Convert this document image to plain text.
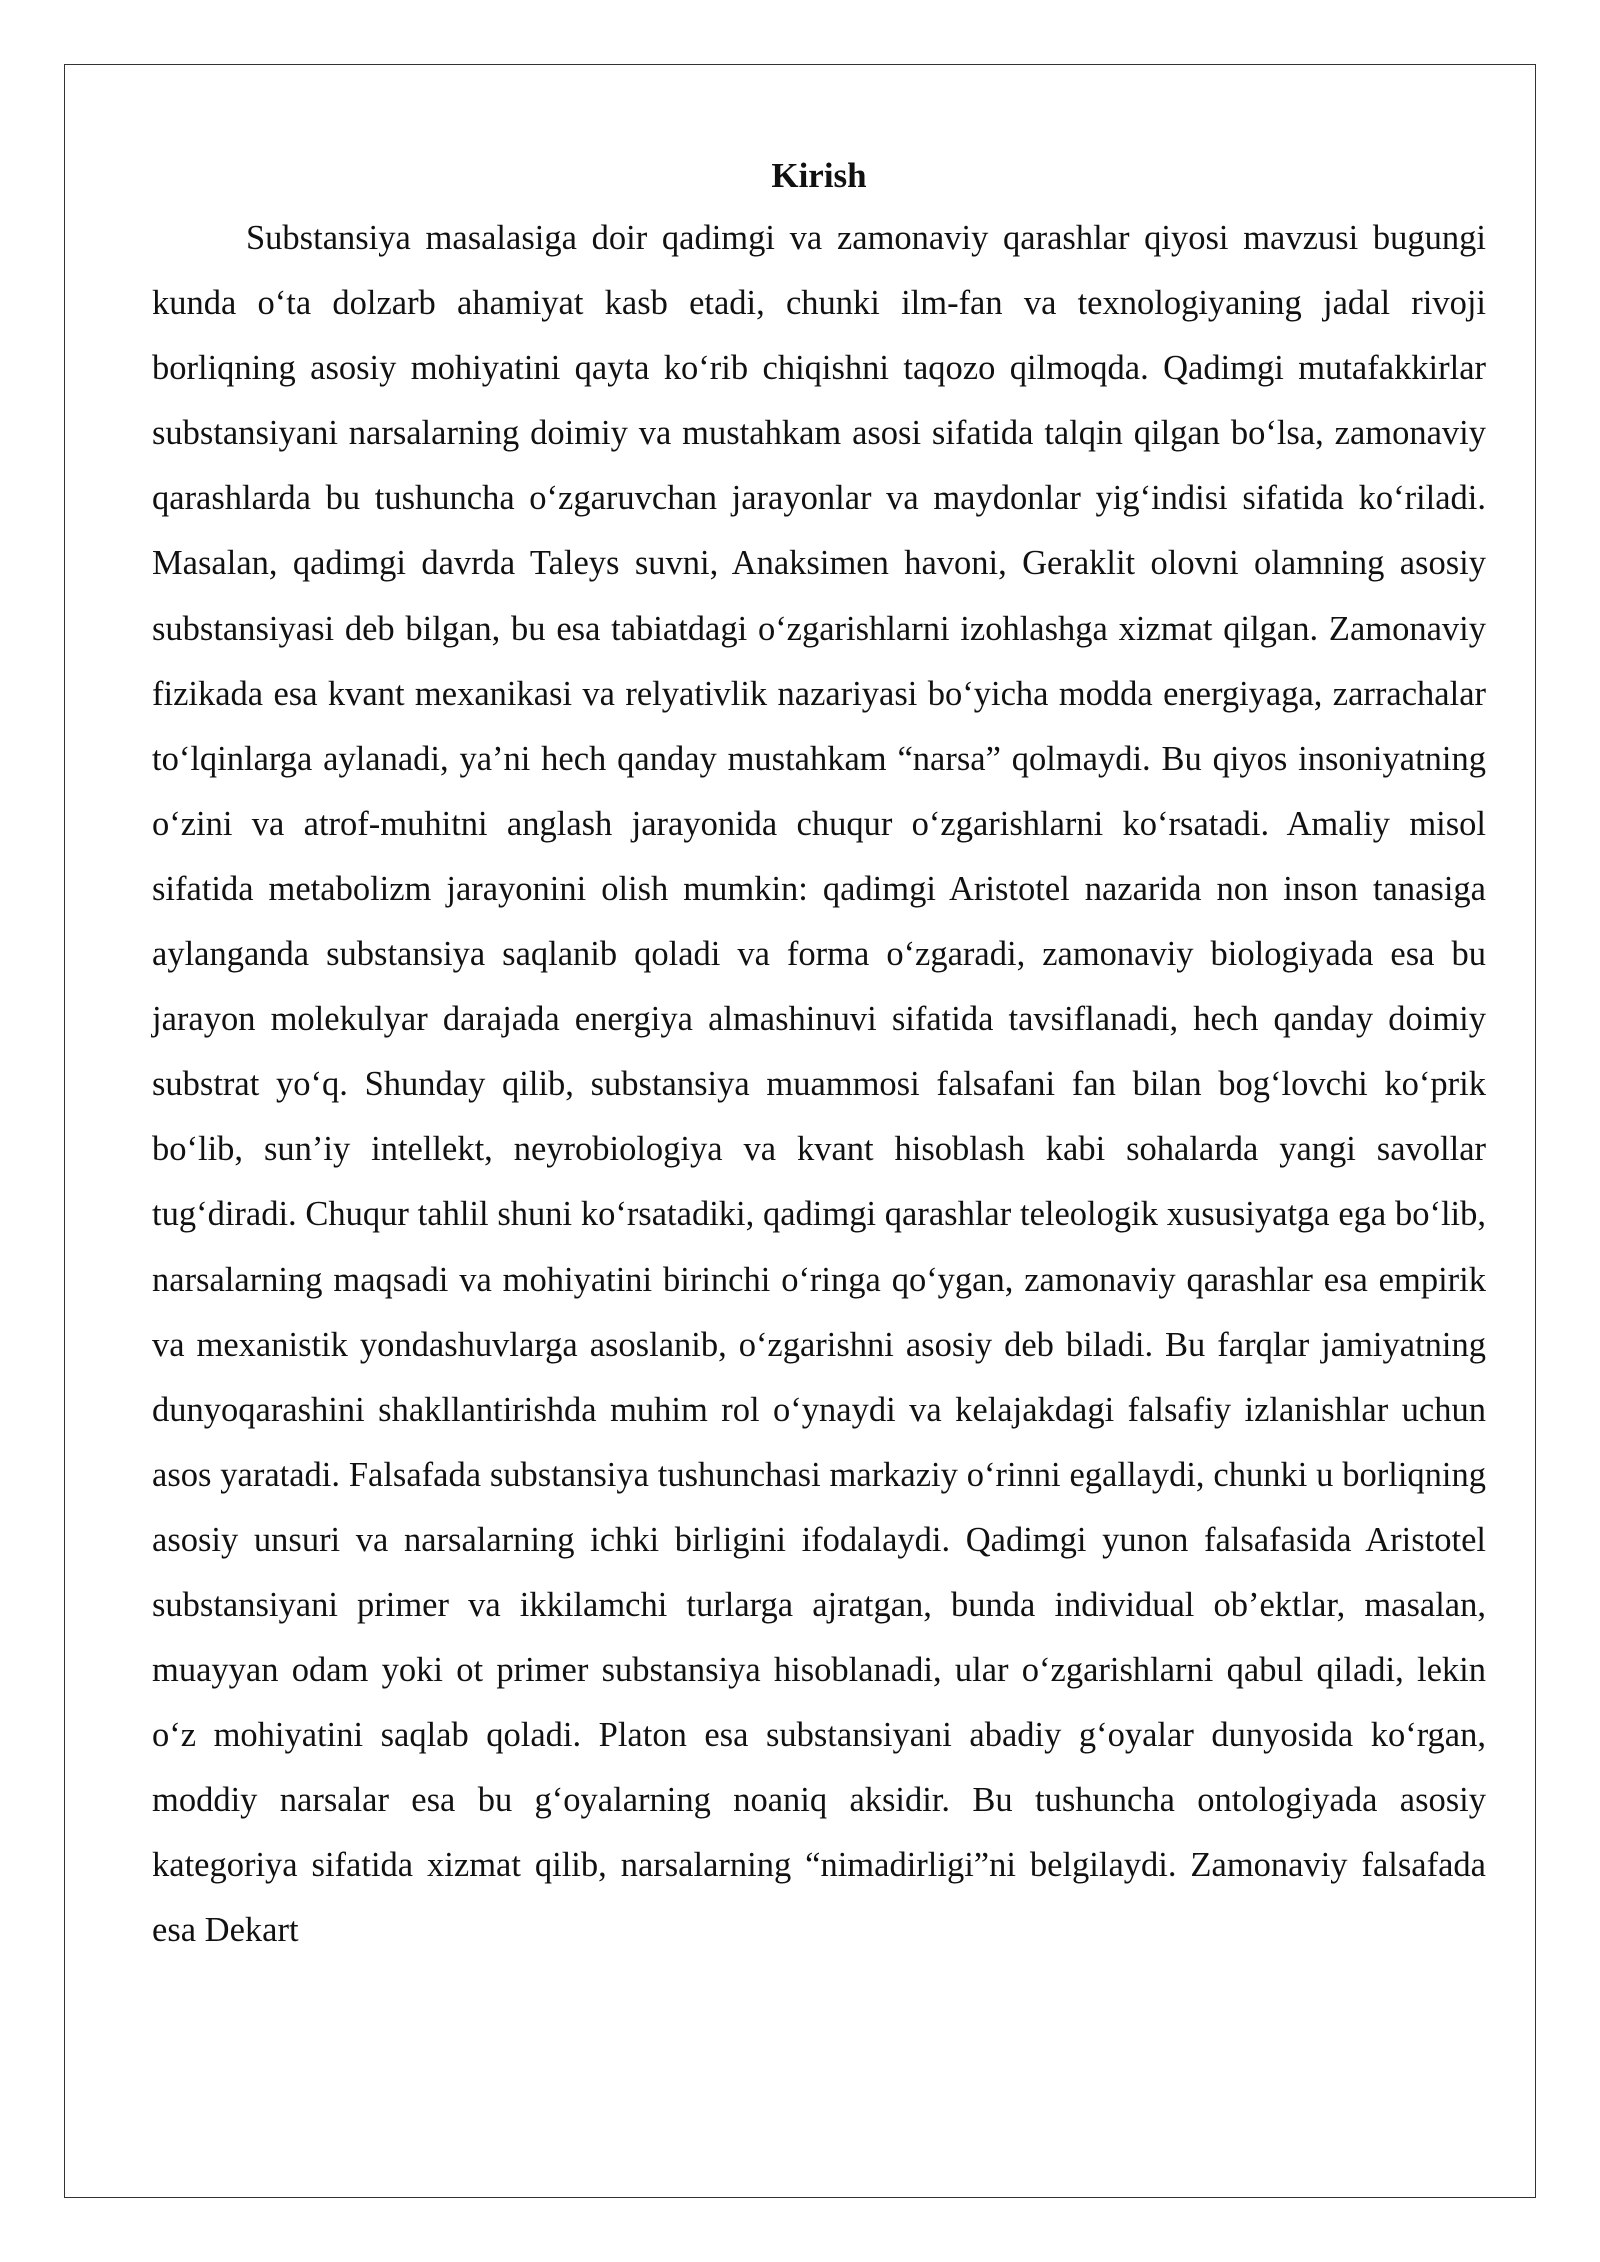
Kirish

Substansiya masalasiga doir qadimgi va zamonaviy qarashlar qiyosi mavzusi bugungi kunda o‘ta dolzarb ahamiyat kasb etadi, chunki ilm-fan va texnologiyaning jadal rivoji borliqning asosiy mohiyatini qayta ko‘rib chiqishni taqozo qilmoqda. Qadimgi mutafakkirlar substansiyani narsalarning doimiy va mustahkam asosi sifatida talqin qilgan bo‘lsa, zamonaviy qarashlarda bu tushuncha o‘zgaruvchan jarayonlar va maydonlar yig‘indisi sifatida ko‘riladi. Masalan, qadimgi davrda Taleys suvni, Anaksimen havoni, Geraklit olovni olamning asosiy substansiyasi deb bilgan, bu esa tabiatdagi o‘zgarishlarni izohlashga xizmat qilgan. Zamonaviy fizikada esa kvant mexanikasi va relyativlik nazariyasi bo‘yicha modda energiyaga, zarrachalar to‘lqinlarga aylanadi, ya’ni hech qanday mustahkam “narsa” qolmaydi. Bu qiyos insoniyatning o‘zini va atrof-muhitni anglash jarayonida chuqur o‘zgarishlarni ko‘rsatadi. Amaliy misol sifatida metabolizm jarayonini olish mumkin: qadimgi Aristotel nazarida non inson tanasiga aylanganda substansiya saqlanib qoladi va forma o‘zgaradi, zamonaviy biologiyada esa bu jarayon molekulyar darajada energiya almashinuvi sifatida tavsiflanadi, hech qanday doimiy substrat yo‘q. Shunday qilib, substansiya muammosi falsafani fan bilan bog‘lovchi ko‘prik bo‘lib, sun’iy intellekt, neyrobiologiya va kvant hisoblash kabi sohalarda yangi savollar tug‘diradi. Chuqur tahlil shuni ko‘rsatadiki, qadimgi qarashlar teleologik xususiyatga ega bo‘lib, narsalarning maqsadi va mohiyatini birinchi o‘ringa qo‘ygan, zamonaviy qarashlar esa empirik va mexanistik yondashuvlarga asoslanib, o‘zgarishni asosiy deb biladi. Bu farqlar jamiyatning dunyoqarashini shakllantirishda muhim rol o‘ynaydi va kelajakdagi falsafiy izlanishlar uchun asos yaratadi. Falsafada substansiya tushunchasi markaziy o‘rinni egallaydi, chunki u borliqning asosiy unsuri va narsalarning ichki birligini ifodalaydi. Qadimgi yunon falsafasida Aristotel substansiyani primer va ikkilamchi turlarga ajratgan, bunda individual ob’ektlar, masalan, muayyan odam yoki ot primer substansiya hisoblanadi, ular o‘zgarishlarni qabul qiladi, lekin o‘z mohiyatini saqlab qoladi. Platon esa substansiyani abadiy g‘oyalar dunyosida ko‘rgan, moddiy narsalar esa bu g‘oyalarning noaniq aksidir. Bu tushuncha ontologiyada asosiy kategoriya sifatida xizmat qilib, narsalarning “nimadirligi”ni belgilaydi. Zamonaviy falsafada esa Dekart
